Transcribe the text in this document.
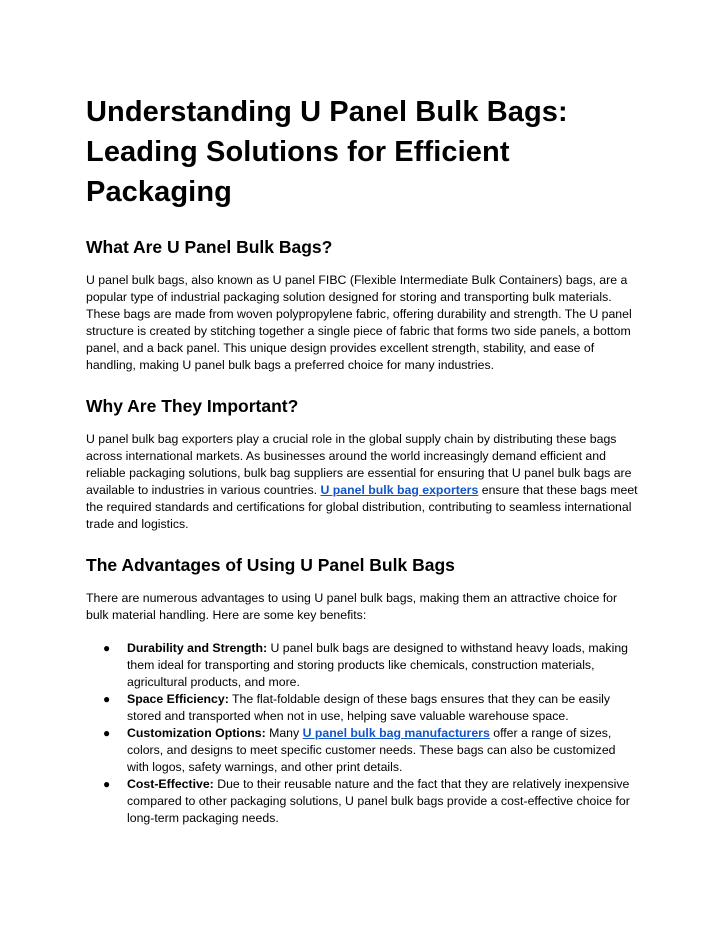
Understanding U Panel Bulk Bags: Leading Solutions for Efficient Packaging
What Are U Panel Bulk Bags?

U panel bulk bags, also known as U panel FIBC (Flexible Intermediate Bulk Containers) bags, are a popular type of industrial packaging solution designed for storing and transporting bulk materials. These bags are made from woven polypropylene fabric, offering durability and strength. The U panel structure is created by stitching together a single piece of fabric that forms two side panels, a bottom panel, and a back panel. This unique design provides excellent strength, stability, and ease of handling, making U panel bulk bags a preferred choice for many industries.

Why Are They Important?

U panel bulk bag exporters play a crucial role in the global supply chain by distributing these bags across international markets. As businesses around the world increasingly demand efficient and reliable packaging solutions, bulk bag suppliers are essential for ensuring that U panel bulk bags are available to industries in various countries. U panel bulk bag exporters ensure that these bags meet the required standards and certifications for global distribution, contributing to seamless international trade and logistics.

The Advantages of Using U Panel Bulk Bags

There are numerous advantages to using U panel bulk bags, making them an attractive choice for bulk material handling. Here are some key benefits:

● Durability and Strength: U panel bulk bags are designed to withstand heavy loads, making them ideal for transporting and storing products like chemicals, construction materials, agricultural products, and more.
● Space Efficiency: The flat-foldable design of these bags ensures that they can be easily stored and transported when not in use, helping save valuable warehouse space.
● Customization Options: Many U panel bulk bag manufacturers offer a range of sizes, colors, and designs to meet specific customer needs. These bags can also be customized with logos, safety warnings, and other print details.
● Cost-Effective: Due to their reusable nature and the fact that they are relatively inexpensive compared to other packaging solutions, U panel bulk bags provide a cost-effective choice for long-term packaging needs.
